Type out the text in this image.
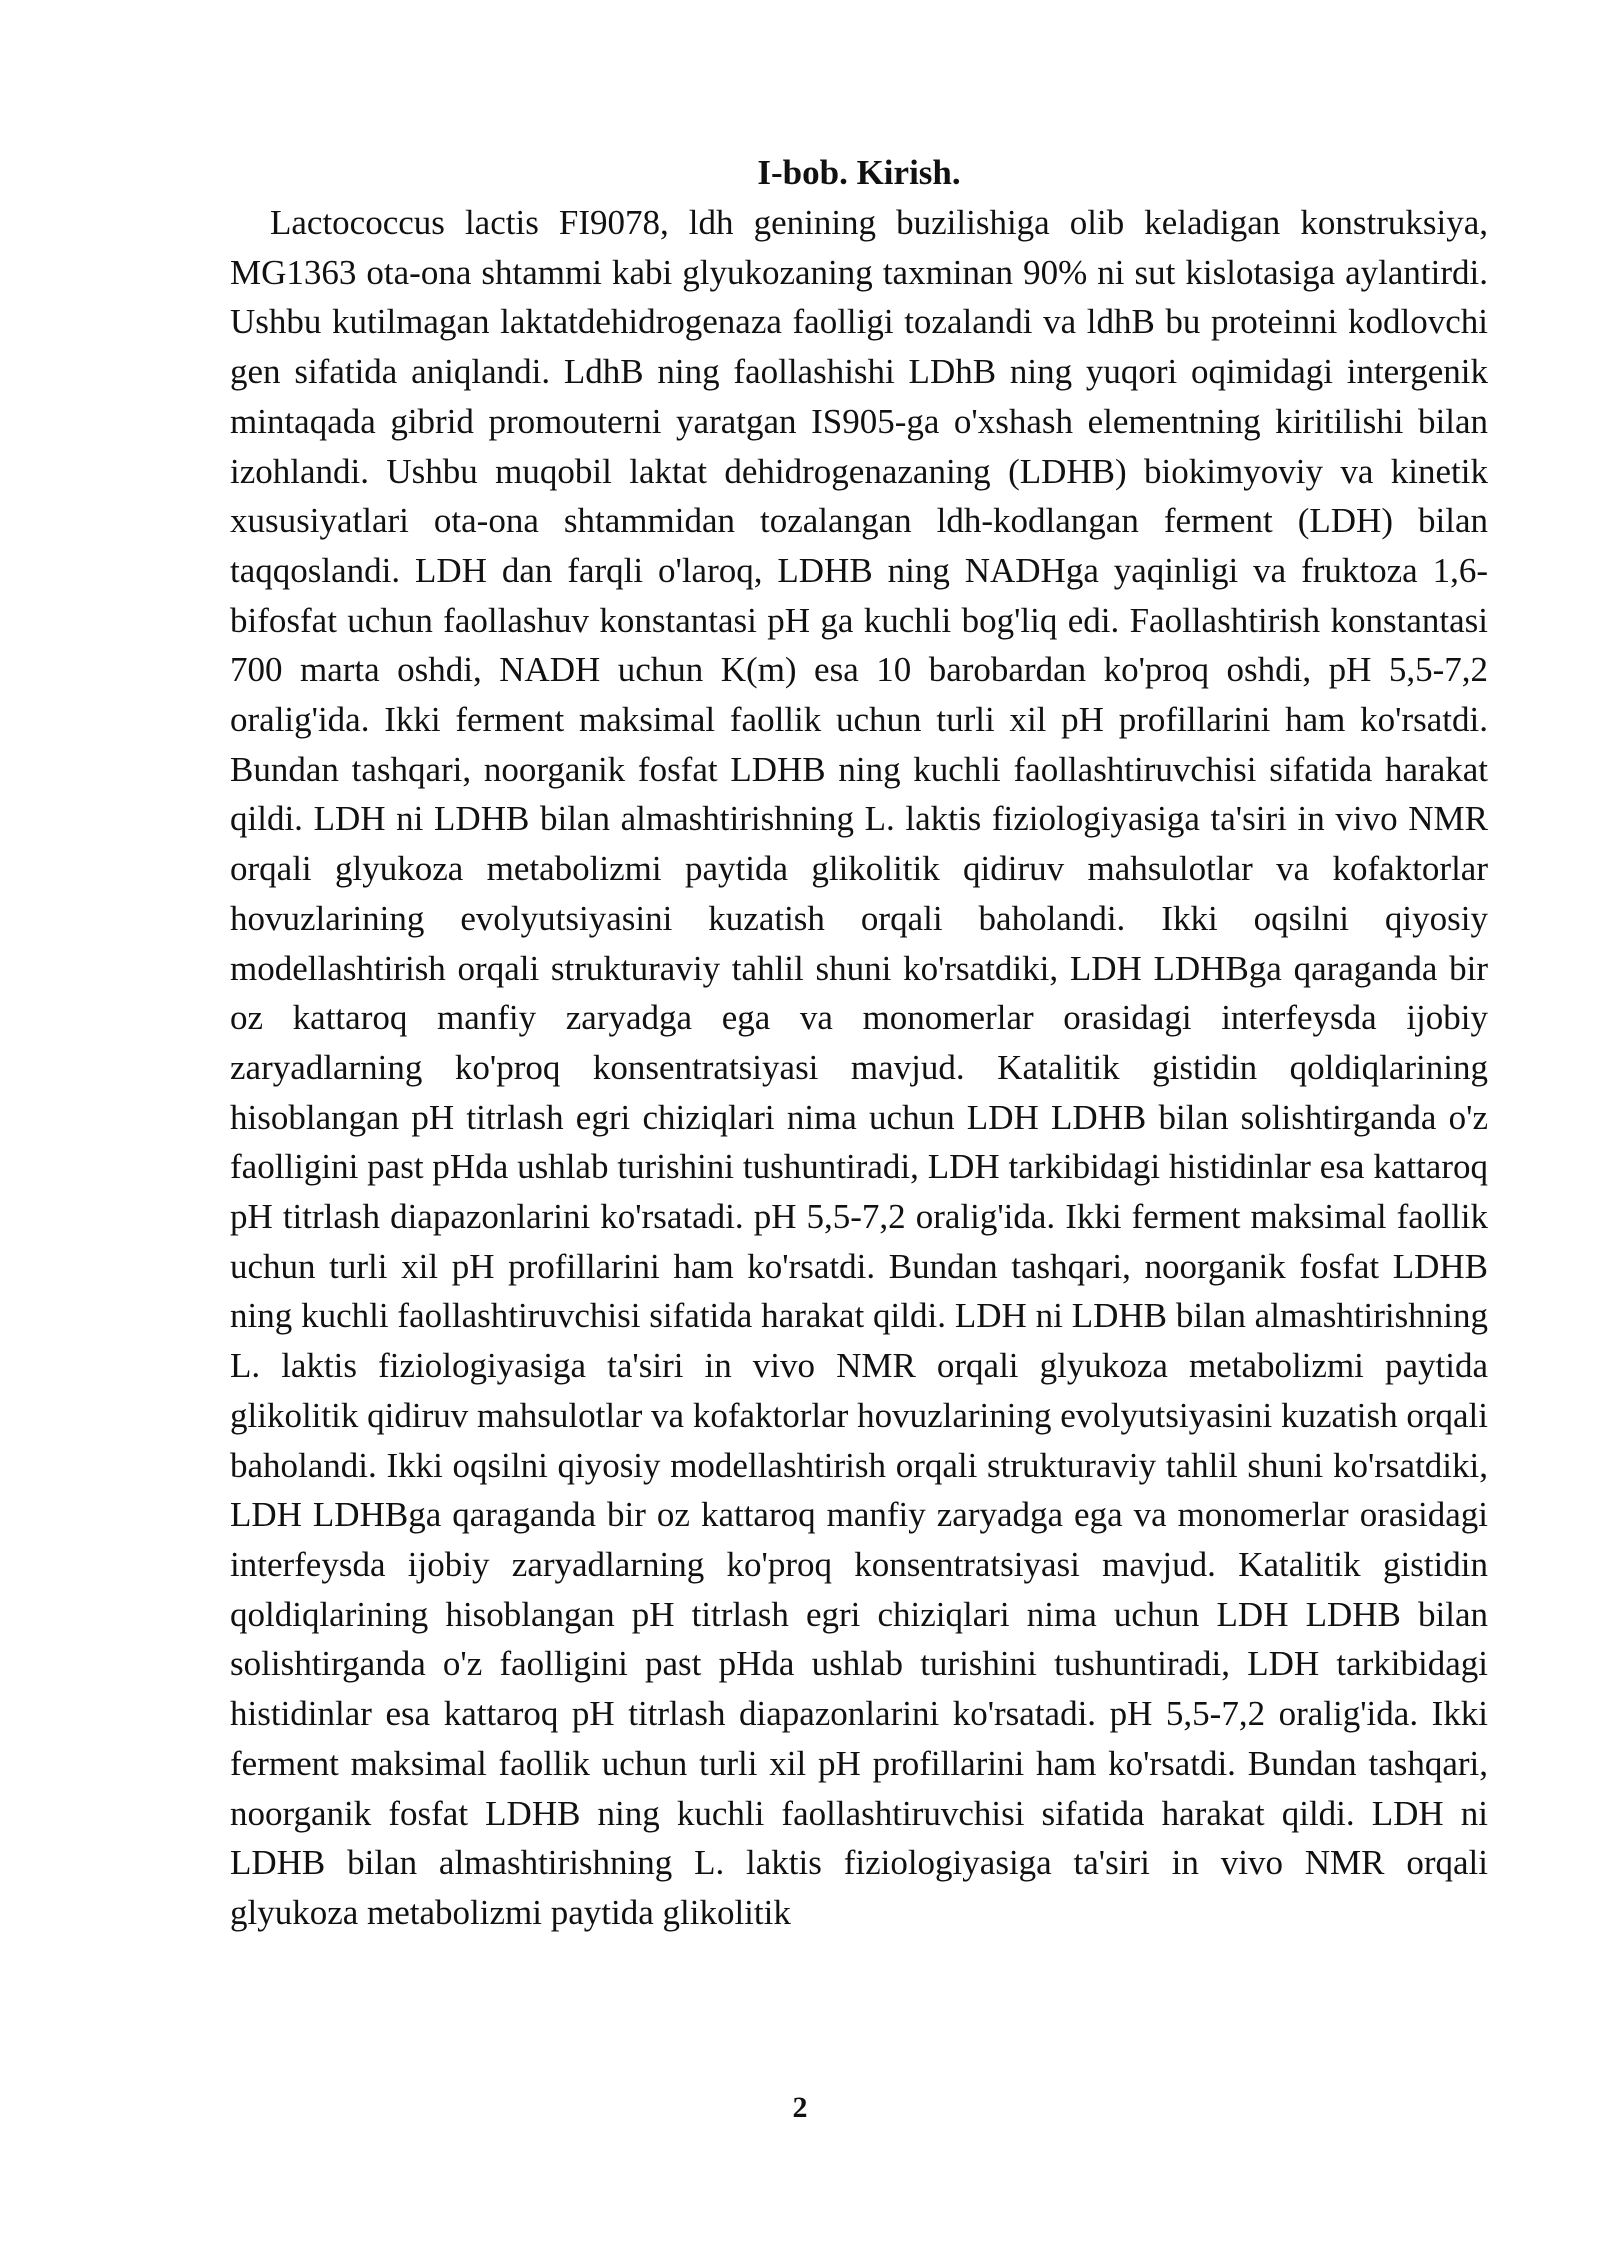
I-bob. Kirish.

Lactococcus lactis FI9078, ldh genining buzilishiga olib keladigan konstruksiya, MG1363 ota-ona shtammi kabi glyukozaning taxminan 90% ni sut kislotasiga aylantirdi. Ushbu kutilmagan laktatdehidrogenaza faolligi tozalandi va ldhB bu proteinni kodlovchi gen sifatida aniqlandi. LdhB ning faollashishi LDhB ning yuqori oqimidagi intergenik mintaqada gibrid promouterni yaratgan IS905-ga o'xshash elementning kiritilishi bilan izohlandi. Ushbu muqobil laktat dehidrogenazaning (LDHB) biokimyoviy va kinetik xususiyatlari ota-ona shtammidan tozalangan ldh-kodlangan ferment (LDH) bilan taqqoslandi. LDH dan farqli o'laroq, LDHB ning NADHga yaqinligi va fruktoza 1,6-bifosfat uchun faollashuv konstantasi pH ga kuchli bog'liq edi. Faollashtirish konstantasi 700 marta oshdi, NADH uchun K(m) esa 10 barobardan ko'proq oshdi, pH 5,5-7,2 oralig'ida. Ikki ferment maksimal faollik uchun turli xil pH profillarini ham ko'rsatdi. Bundan tashqari, noorganik fosfat LDHB ning kuchli faollashtiruvchisi sifatida harakat qildi. LDH ni LDHB bilan almashtirishning L. laktis fiziologiyasiga ta'siri in vivo NMR orqali glyukoza metabolizmi paytida glikolitik qidiruv mahsulotlar va kofaktorlar hovuzlarining evolyutsiyasini kuzatish orqali baholandi. Ikki oqsilni qiyosiy modellashtirish orqali strukturaviy tahlil shuni ko'rsatdiki, LDH LDHBga qaraganda bir oz kattaroq manfiy zaryadga ega va monomerlar orasidagi interfeysda ijobiy zaryadlarning ko'proq konsentratsiyasi mavjud. Katalitik gistidin qoldiqlarining hisoblangan pH titrlash egri chiziqlari nima uchun LDH LDHB bilan solishtirganda o'z faolligini past pHda ushlab turishini tushuntiradi, LDH tarkibidagi histidinlar esa kattaroq pH titrlash diapazonlarini ko'rsatadi. pH 5,5-7,2 oralig'ida. Ikki ferment maksimal faollik uchun turli xil pH profillarini ham ko'rsatdi. Bundan tashqari, noorganik fosfat LDHB ning kuchli faollashtiruvchisi sifatida harakat qildi. LDH ni LDHB bilan almashtirishning L. laktis fiziologiyasiga ta'siri in vivo NMR orqali glyukoza metabolizmi paytida glikolitik qidiruv mahsulotlar va kofaktorlar hovuzlarining evolyutsiyasini kuzatish orqali baholandi. Ikki oqsilni qiyosiy modellashtirish orqali strukturaviy tahlil shuni ko'rsatdiki, LDH LDHBga qaraganda bir oz kattaroq manfiy zaryadga ega va monomerlar orasidagi interfeysda ijobiy zaryadlarning ko'proq konsentratsiyasi mavjud. Katalitik gistidin qoldiqlarining hisoblangan pH titrlash egri chiziqlari nima uchun LDH LDHB bilan solishtirganda o'z faolligini past pHda ushlab turishini tushuntiradi, LDH tarkibidagi histidinlar esa kattaroq pH titrlash diapazonlarini ko'rsatadi. pH 5,5-7,2 oralig'ida. Ikki ferment maksimal faollik uchun turli xil pH profillarini ham ko'rsatdi. Bundan tashqari, noorganik fosfat LDHB ning kuchli faollashtiruvchisi sifatida harakat qildi. LDH ni LDHB bilan almashtirishning L. laktis fiziologiyasiga ta'siri in vivo NMR orqali glyukoza metabolizmi paytida glikolitik

2
